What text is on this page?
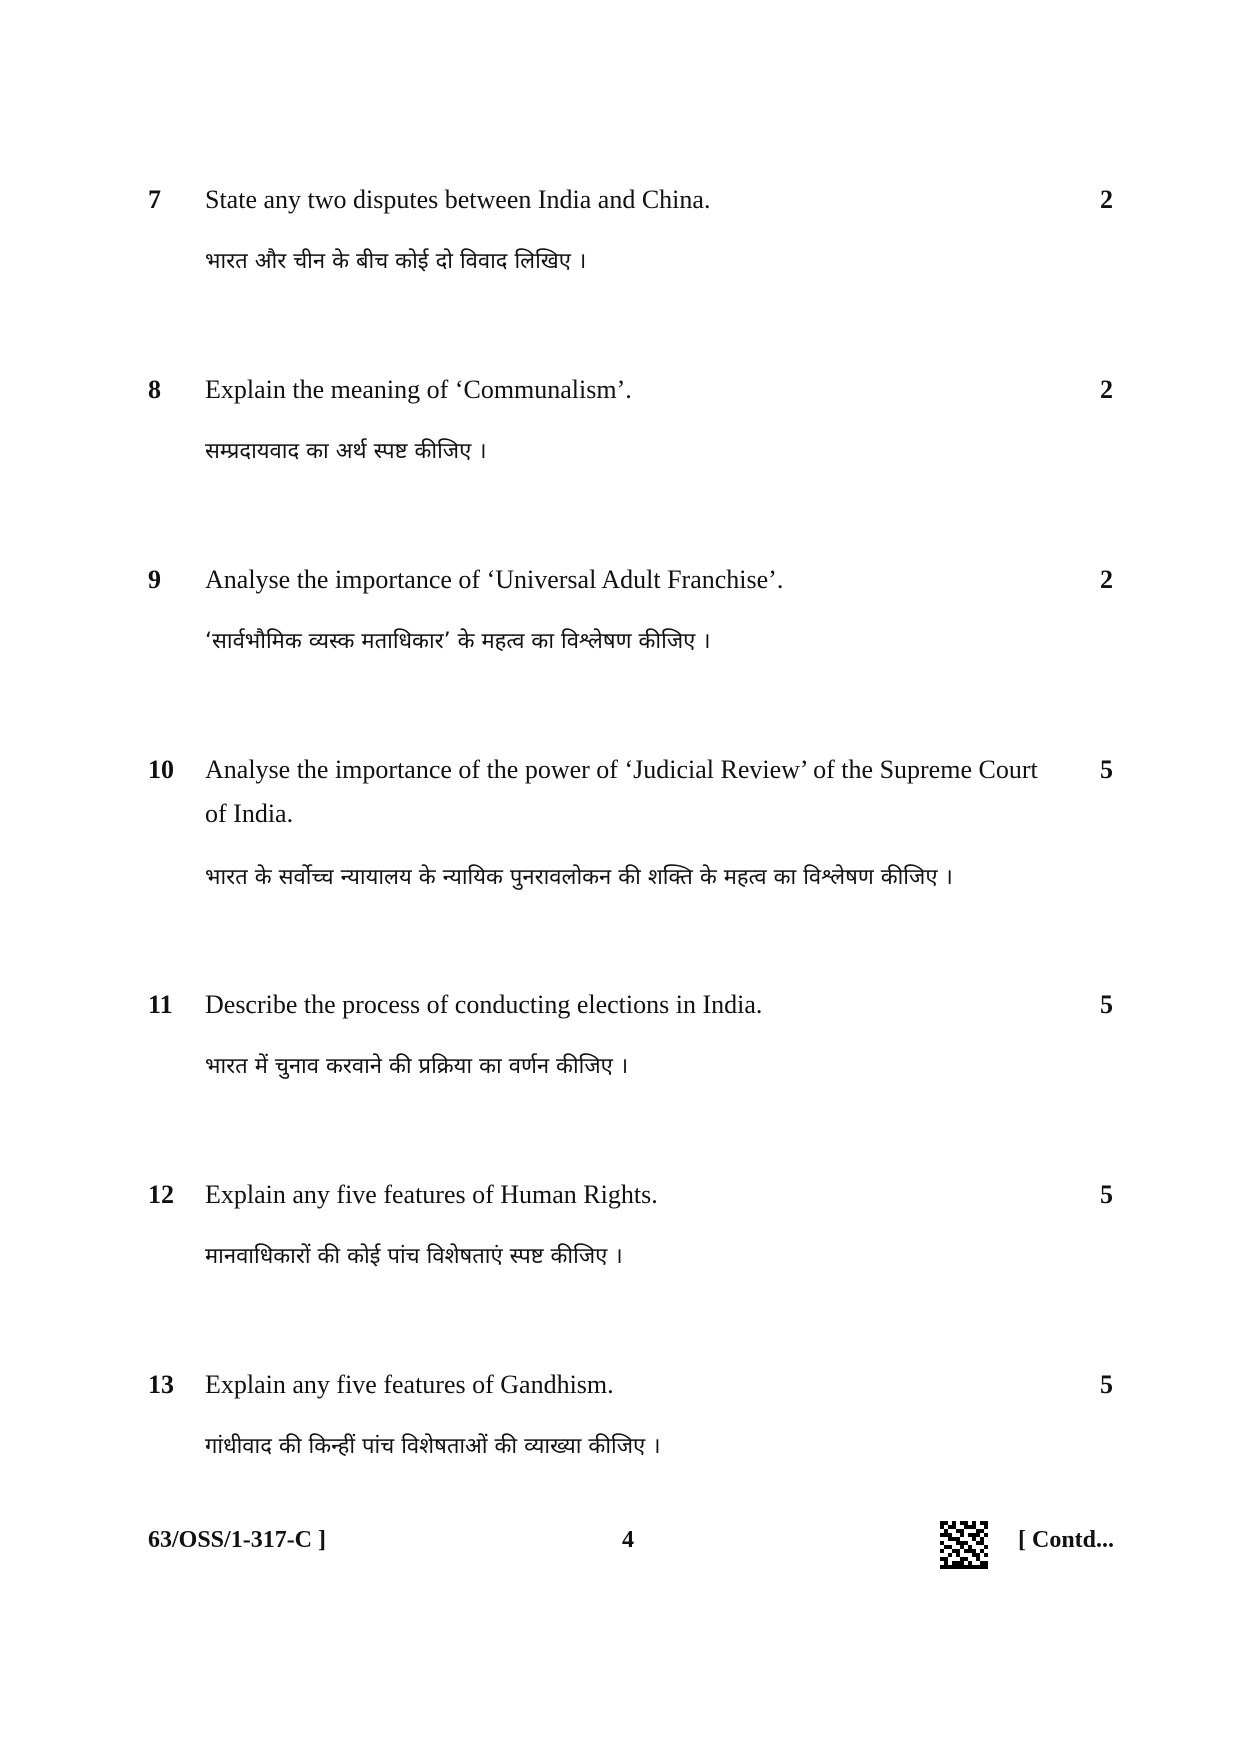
7 State any two disputes between India and China.	2
भारत और चीन के बीच कोई दो विवाद लिखिए ।
8 Explain the meaning of ‘Communalism’.	2
सम्प्रदायवाद का अर्थ स्पष्ट कीजिए ।
9 Analyse the importance of ‘Universal Adult Franchise’.	2
‘सार्वभौमिक व्यस्क मताधिकार’ के महत्व का विश्लेषण कीजिए ।
10 Analyse the importance of the power of ‘Judicial Review’ of the Supreme Court of India.
5
भारत के सर्वोच्च न्यायालय के न्यायिक पुनरावलोकन की शक्ति के महत्व का विश्लेषण कीजिए ।
11 Describe the process of conducting elections in India.	5
भारत में चुनाव करवाने की प्रक्रिया का वर्णन कीजिए ।
12 Explain any five features of Human Rights.	5
मानवाधिकारों की कोई पांच विशेषताएं स्पष्ट कीजिए ।
13 Explain any five features of Gandhism.	5
गांधीवाद की किन्हीं पांच विशेषताओं की व्याख्या कीजिए ।
63/OSS/1-317-C ]	4	[ Contd...
